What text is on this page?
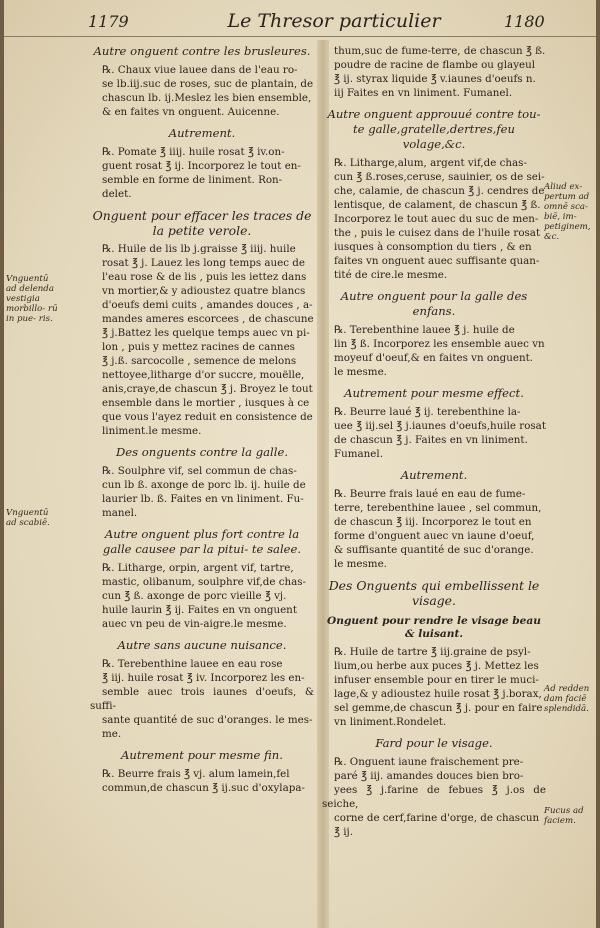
1179	Le Thresor particulier	1180
Autre onguent contre les brusleures.
℞. Chaux viue lauee dans de l'eau ro-
se lb.iij.suc de roses, suc de plantain, de
chascun lb. ij.Meslez les bien ensemble,
& en faites vn onguent. Auicenne.
Autrement.
℞. Pomate ℥ iiij. huile rosat ℥ iv.on-
guent rosat ℥ ij. Incorporez le tout en-
semble en forme de liniment. Ron-
delet.
Onguent pour effacer les traces de la petite verole.
℞. Huile de lis lb j.graisse ℥ iiij. huile
rosat ℥ j. Lauez les long temps auec de
l'eau rose & de lis , puis les iettez dans
vn mortier,& y adioustez quatre blancs
d'oeufs demi cuits , amandes douces , a-
mandes ameres escorcees , de chascune
℥ j.Battez les quelque temps auec vn pi-
lon , puis y mettez racines de cannes
℥ j.ß. sarcocolle , semence de melons
nettoyee,litharge d'or succre, mouëlle,
anis,craye,de chascun ℥ j. Broyez le tout
ensemble dans le mortier , iusques à ce
que vous l'ayez reduit en consistence de
liniment.le mesme.
Des onguents contre la galle.
℞. Soulphre vif, sel commun de chas-
cun lb ß. axonge de porc lb. ij. huile de
laurier lb. ß. Faites en vn liniment. Fu-
manel.
Autre onguent plus fort contre la galle causee par la pitui- te salee.
℞. Litharge, orpin, argent vif, tartre,
mastic, olibanum, soulphre vif,de chas-
cun ℥ ß. axonge de porc vieille ℥ vj.
huile laurin ℥ ij. Faites en vn onguent
auec vn peu de vin-aigre.le mesme.
Autre sans aucune nuisance.
℞. Terebenthine lauee en eau rose
℥ iij. huile rosat ℥ iv. Incorporez les en-
semble auec trois iaunes d'oeufs, & suffi-
sante quantité de suc d'oranges. le mes-
me.
Autrement pour mesme fin.
℞. Beurre frais ℥ vj. alum lamein,fel
commun,de chascun ℥ ij.suc d'oxylapa-
thum,suc de fume-terre, de chascun ℥ ß.
poudre de racine de flambe ou glayeul
℥ ij. styrax liquide ℥ v.iaunes d'oeufs n.
iij Faites en vn liniment. Fumanel.
Autre onguent approuué contre tou- te galle,gratelle,dertres,feu volage,&c.
℞. Litharge,alum, argent vif,de chas-
cun ℥ ß.roses,ceruse, sauinier, os de sei-
che, calamie, de chascun ℥ j. cendres de
lentisque, de calament, de chascun ℥ ß.
Incorporez le tout auec du suc de men-
the , puis le cuisez dans de l'huile rosat
iusques à consomption du tiers , & en
faites vn onguent auec suffisante quan-
tité de cire.le mesme.
Autre onguent pour la galle des enfans.
℞. Terebenthine lauee ℥ j. huile de
lin ℥ ß. Incorporez les ensemble auec vn
moyeuf d'oeuf,& en faites vn onguent.
le mesme.
Autrement pour mesme effect.
℞. Beurre laué ℥ ij. terebenthine la-
uee ℥ iij.sel ℥ j.iaunes d'oeufs,huile rosat
de chascun ℥ j. Faites en vn liniment.
Fumanel.
Autrement.
℞. Beurre frais laué en eau de fume-
terre, terebenthine lauee , sel commun,
de chascun ℥ iij. Incorporez le tout en
forme d'onguent auec vn iaune d'oeuf,
& suffisante quantité de suc d'orange.
le mesme.
Des Onguents qui embellissent le visage.
Onguent pour rendre le visage beau & luisant.
℞. Huile de tartre ℥ iij.graine de psyl-
lium,ou herbe aux puces ℥ j. Mettez les
infuser ensemble pour en tirer le muci-
lage,& y adioustez huile rosat ℥ j.borax,
sel gemme,de chascun ℥ j. pour en faire
vn liniment.Rondelet.
Fard pour le visage.
℞. Onguent iaune fraischement pre-
paré ℥ iij. amandes douces bien bro-
yees ℥ j.farine de febues ℥ j.os de seiche,
corne de cerf,farine d'orge, de chascun
℥ ij.
Vnguentū ad delenda vestigia morbillo- rū in pue- ris.
Vnguentū ad scabiē.
Aliud ex- pertum ad omnē sca- biē, im- petiginem, &c.
Ad redden dam faciē splendidā.
Fucus ad faciem.
